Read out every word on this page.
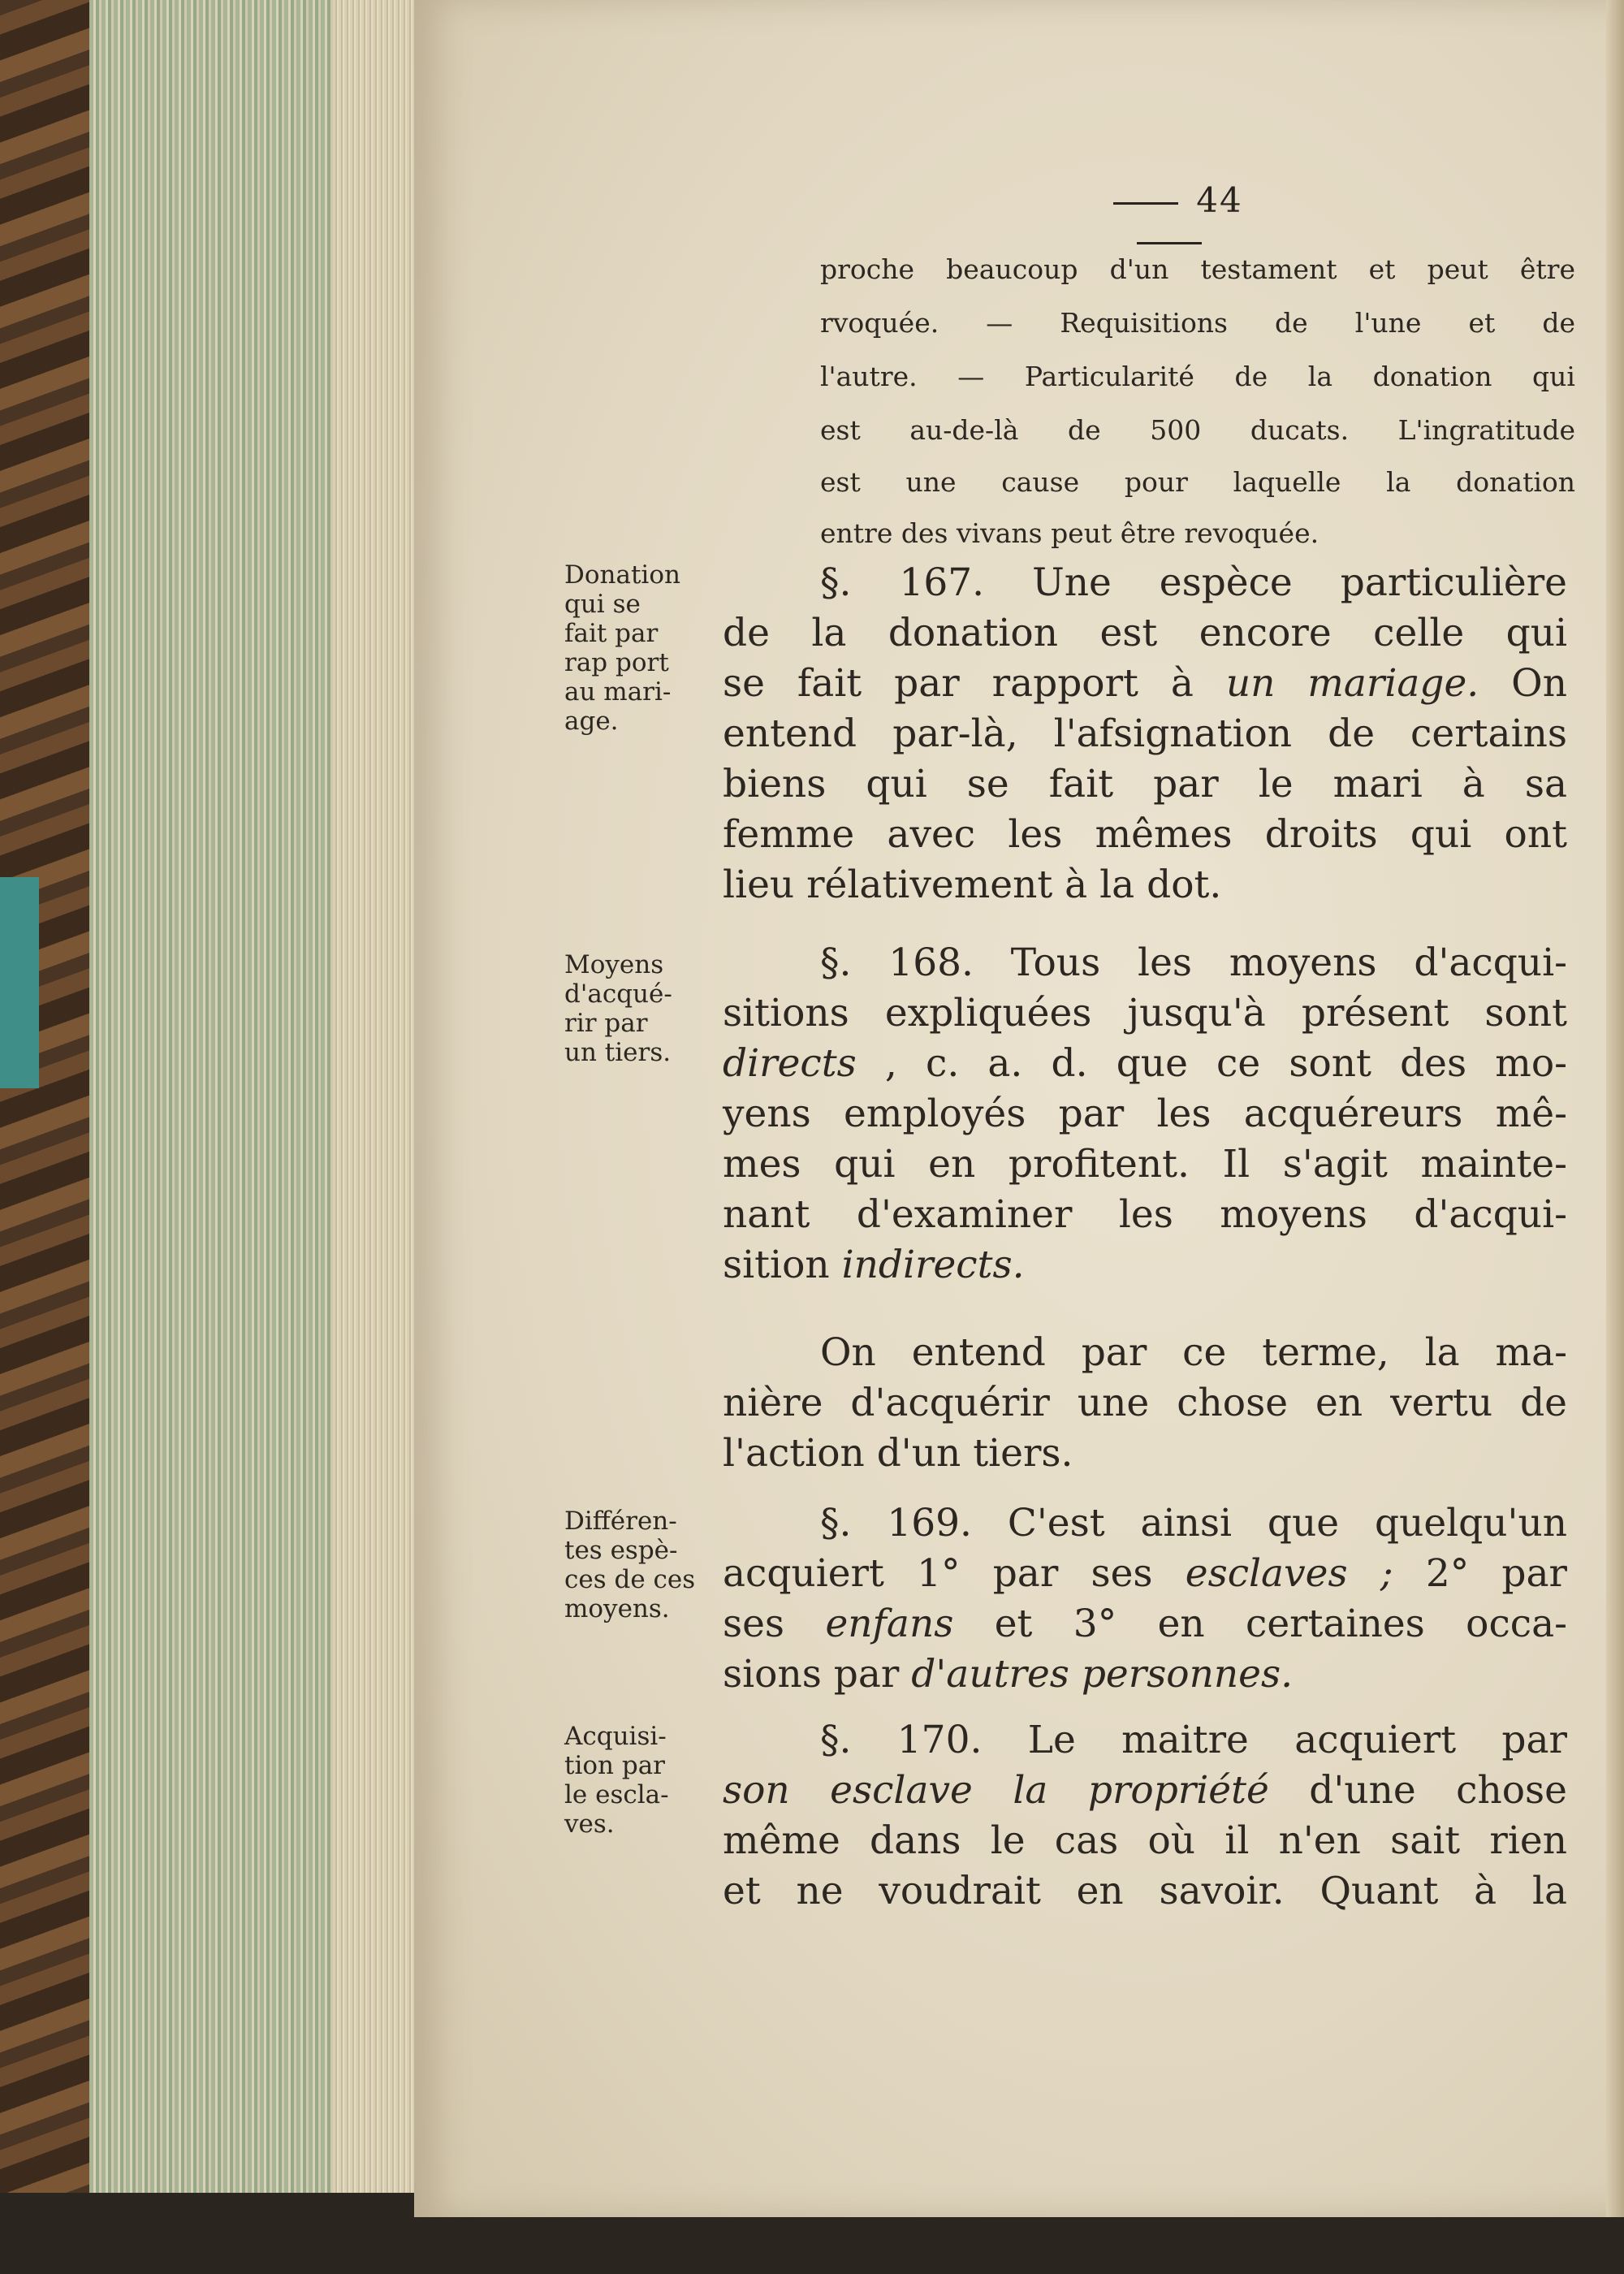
44
proche beaucoup d'un testament et peut être
rvoquée. — Requisitions de l'une et de
l'autre. — Particularité de la donation qui
est au-de-là de 500 ducats. L'ingratitude
est une cause pour laquelle la donation
entre des vivans peut être revoquée.
Donation
qui se
fait par
rap port
au mari-
age.
Moyens
d'acqué-
rir par
un tiers.
Différen-
tes espè-
ces de ces
moyens.
Acquisi-
tion par
le escla-
ves.
§. 167. Une espèce particulière
de la donation est encore celle qui
se fait par rapport à un mariage. On
entend par-là, l'afsignation de certains
biens qui se fait par le mari à sa
femme avec les mêmes droits qui ont
lieu rélativement à la dot.
§. 168. Tous les moyens d'acqui-
sitions expliquées jusqu'à présent sont
directs , c. a. d. que ce sont des mo-
yens employés par les acquéreurs mê-
mes qui en profitent. Il s'agit mainte-
nant d'examiner les moyens d'acqui-
sition indirects.
On entend par ce terme, la ma-
nière d'acquérir une chose en vertu de
l'action d'un tiers.
§. 169. C'est ainsi que quelqu'un
acquiert 1° par ses esclaves ; 2° par
ses enfans et 3° en certaines occa-
sions par d'autres personnes.
§. 170. Le maitre acquiert par
son esclave la propriété d'une chose
même dans le cas où il n'en sait rien
et ne voudrait en savoir. Quant à la
